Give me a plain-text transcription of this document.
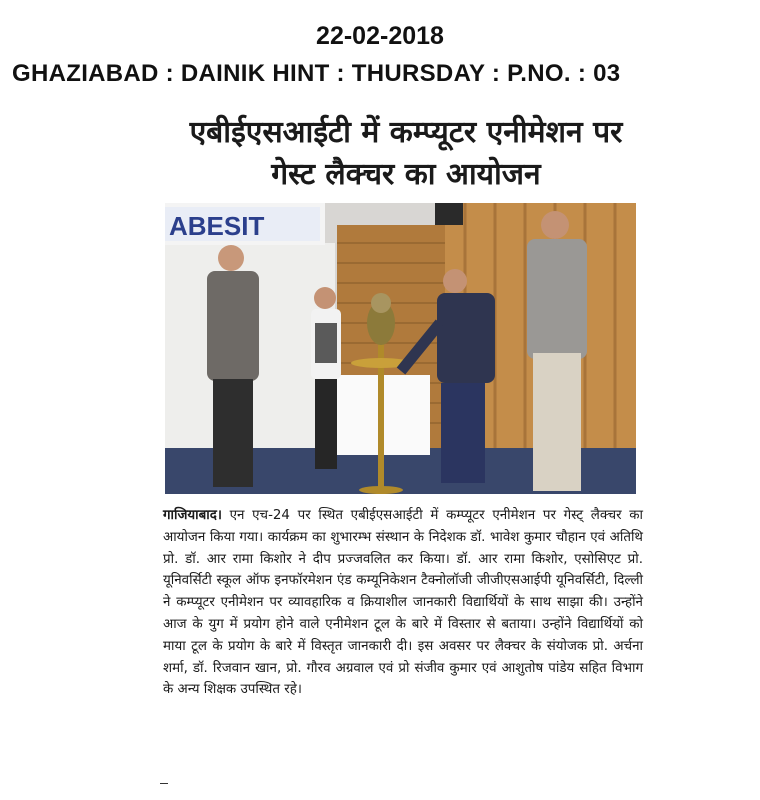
22-02-2018
GHAZIABAD : DAINIK HINT : THURSDAY : P.NO. : 03
एबीईएसआईटी में कम्प्यूटर एनीमेशन पर
गेस्ट लैक्चर का आयोजन
ABESIT
गाजियाबाद। एन एच-24 पर स्थित एबीईएसआईटी में कम्प्यूटर एनीमेशन पर गेस्ट् लैक्चर का आयोजन किया गया। कार्यक्रम का शुभारम्भ संस्थान के निदेशक डॉ. भावेश कुमार चौहान एवं अतिथि प्रो. डॉ. आर रामा किशोर ने दीप प्रज्जवलित कर किया। डॉ. आर रामा किशोर, एसोसिएट प्रो. यूनिवर्सिटी स्कूल ऑफ इनफॉरमेशन एंड कम्यूनिकेशन टैक्नोलॉजी जीजीएसआईपी यूनिवर्सिटी, दिल्ली ने कम्प्यूटर एनीमेशन पर व्यावहारिक व क्रियाशील जानकारी विद्यार्थियों के साथ साझा की। उन्होंने आज के युग में प्रयोग होने वाले एनीमेशन टूल के बारे में विस्तार से बताया। उन्होंने विद्यार्थियों को माया टूल के प्रयोग के बारे में विस्तृत जानकारी दी। इस अवसर पर लैक्चर के संयोजक प्रो. अर्चना शर्मा, डॉ. रिजवान खान, प्रो. गौरव अग्रवाल एवं प्रो संजीव कुमार एवं आशुतोष पांडेय सहित विभाग के अन्य शिक्षक उपस्थित रहे।
